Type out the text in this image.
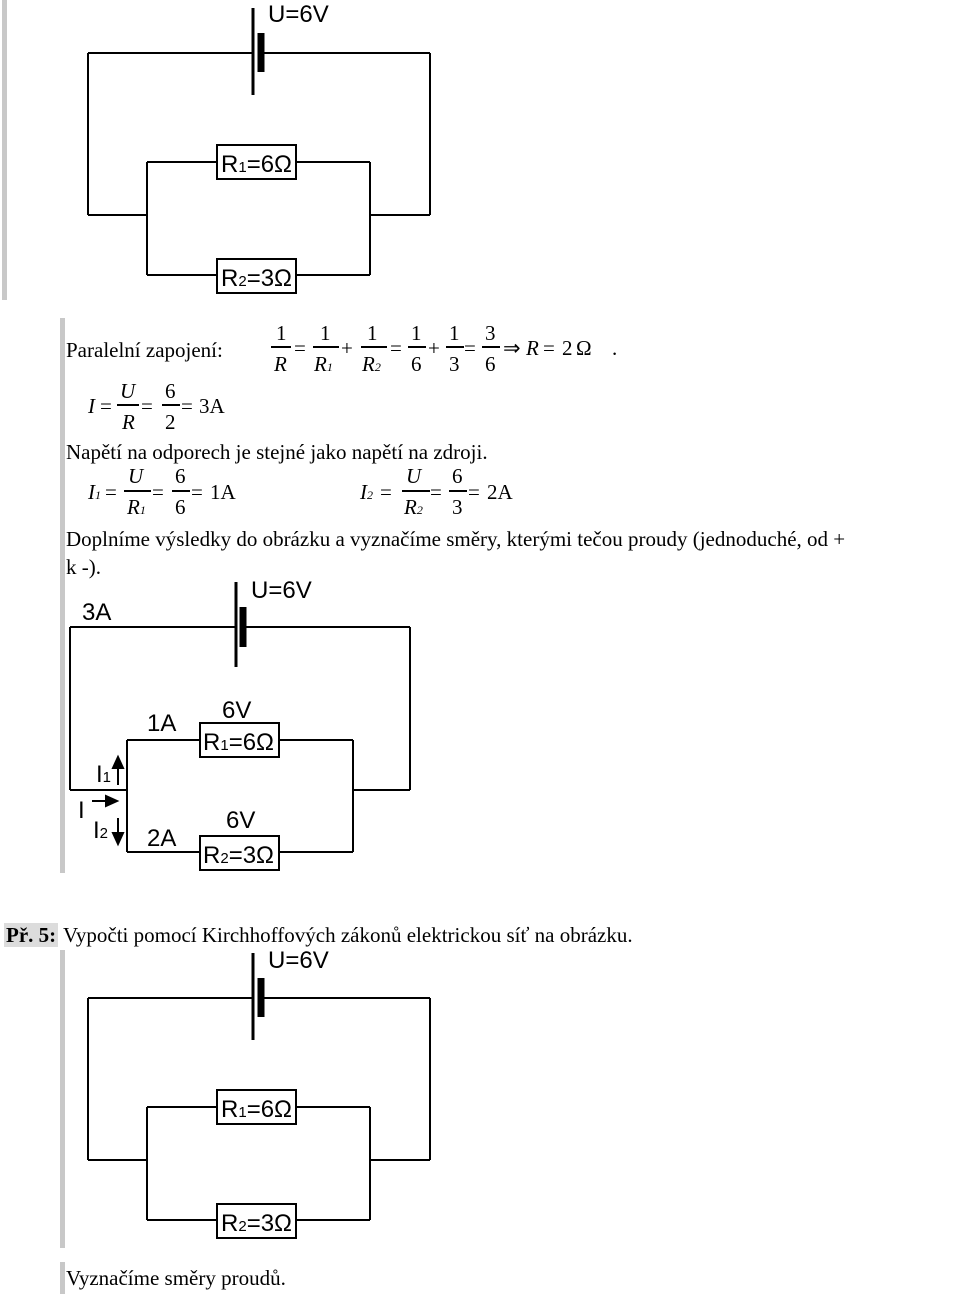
U=6V
R1=6Ω
R2=3Ω
Paralelní zapojení:
1
R
=
1
R1
+
1
R2
=
1
6
+
1
3
=
3
6
⇒ R = 2 Ω .
I =
U
R
=
6
2
= 3A
Napětí na odporech je stejné jako napětí na zdroji.
I1 =
U
R1
=
6
6
= 1A	I2 =
U
R2
=
6
3
= 2A
Doplníme výsledky do obrázku a vyznačíme směry, kterými tečou proudy (jednoduché, od +
k -).
3A
U=6V
1A 6V
R1=6Ω
I1
I
I2 2A
6V
R2=3Ω
Př. 5: Vypočti pomocí Kirchhoffových zákonů elektrickou síť na obrázku.
U=6V
R1=6Ω
R2=3Ω
Vyznačíme směry proudů.
